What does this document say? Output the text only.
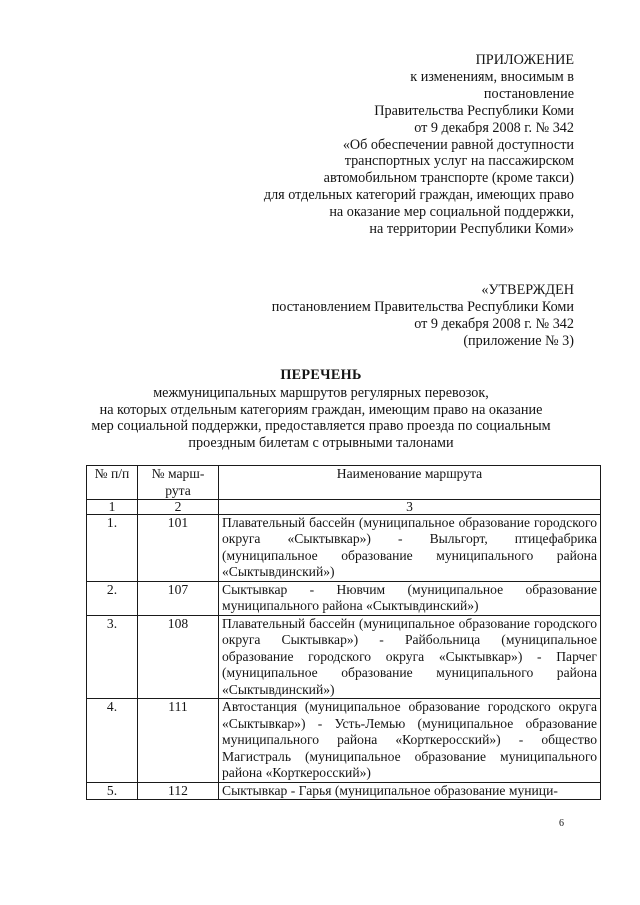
ПРИЛОЖЕНИЕ
к изменениям, вносимым в
постановление
Правительства Республики Коми
от 9 декабря 2008 г. № 342
«Об обеспечении равной доступности
транспортных услуг на пассажирском
автомобильном транспорте (кроме такси)
для отдельных категорий граждан, имеющих право
на оказание мер социальной поддержки,
на территории Республики Коми»
«УТВЕРЖДЕН
постановлением Правительства Республики Коми
от 9 декабря 2008 г. № 342
(приложение № 3)
ПЕРЕЧЕНЬ
межмуниципальных маршрутов регулярных перевозок,
на которых отдельным категориям граждан, имеющим право на оказание
мер социальной поддержки, предоставляется право проезда по социальным
проездным билетам с отрывными талонами
№ п/п	№ марш-рута	Наименование маршрута
1	2	3
1.	101	Плавательный бассейн (муниципальное образование городского округа «Сыктывкар») - Выльгорт, птицефабрика (муниципальное образование муниципального района «Сыктывдинский»)
2.	107	Сыктывкар - Нювчим (муниципальное образование муниципального района «Сыктывдинский»)
3.	108	Плавательный бассейн (муниципальное образование городского округа Сыктывкар») - Райбольница (муниципальное образование городского округа «Сыктывкар») - Парчег (муниципальное образование муниципального района «Сыктывдинский»)
4.	111	Автостанция (муниципальное образование городского округа «Сыктывкар») - Усть-Лемью (муниципальное образование муниципального района «Корткеросский») - общество Магистраль (муниципальное образование муниципального района «Корткеросский»)
5.	112	Сыктывкар - Гарья (муниципальное образование муници-
6
